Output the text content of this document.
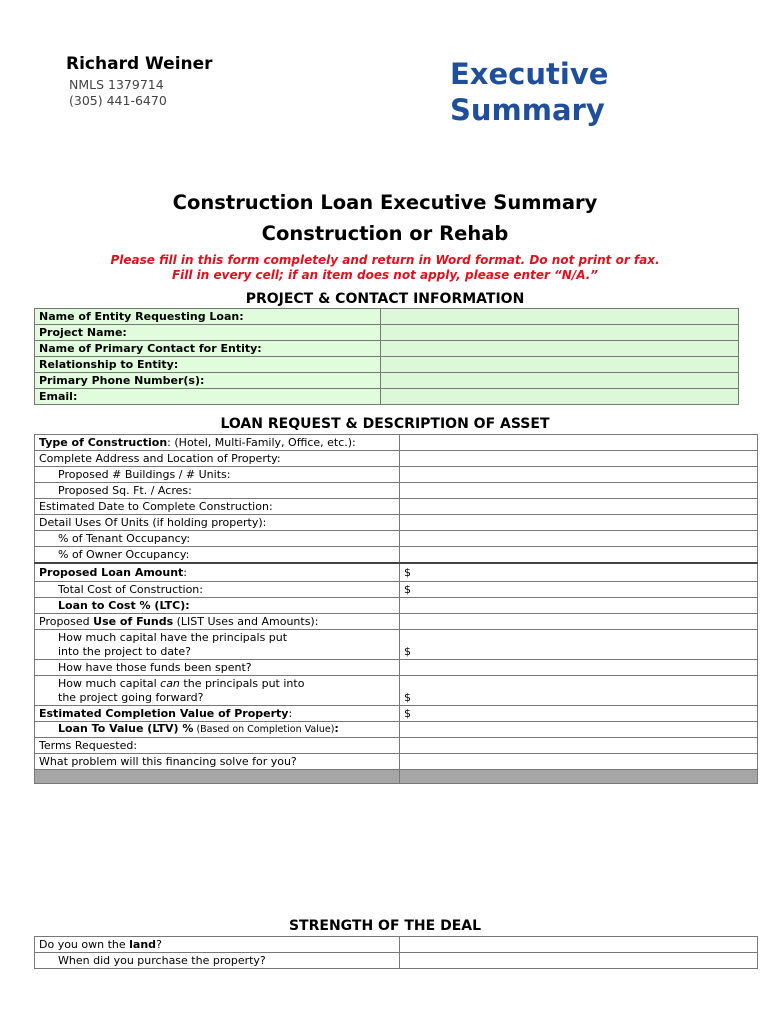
Richard Weiner
NMLS 1379714
(305) 441-6470
Executive
Summary
Construction Loan Executive Summary
Construction or Rehab
Please fill in this form completely and return in Word format. Do not print or fax.
Fill in every cell; if an item does not apply, please enter “N/A.”
PROJECT & CONTACT INFORMATION
Name of Entity Requesting Loan:	
Project Name:	
Name of Primary Contact for Entity:	
Relationship to Entity:	
Primary Phone Number(s):	
Email:	
LOAN REQUEST & DESCRIPTION OF ASSET
Type of Construction: (Hotel, Multi-Family, Office, etc.):	
Complete Address and Location of Property:	
Proposed # Buildings / # Units:	
Proposed Sq. Ft. / Acres:	
Estimated Date to Complete Construction:	
Detail Uses Of Units (if holding property):	
% of Tenant Occupancy:	
% of Owner Occupancy:	
Proposed Loan Amount:	$
Total Cost of Construction:	$
Loan to Cost % (LTC):	
Proposed Use of Funds (LIST Uses and Amounts):	

How much capital have the principals put
into the project to date?	$
How have those funds been spent?	

How much capital can the principals put into
the project going forward?	$
Estimated Completion Value of Property:	$
Loan To Value (LTV) % (Based on Completion Value):	
Terms Requested:	
What problem will this financing solve for you?	

STRENGTH OF THE DEAL
Do you own the land?	
When did you purchase the property?	
